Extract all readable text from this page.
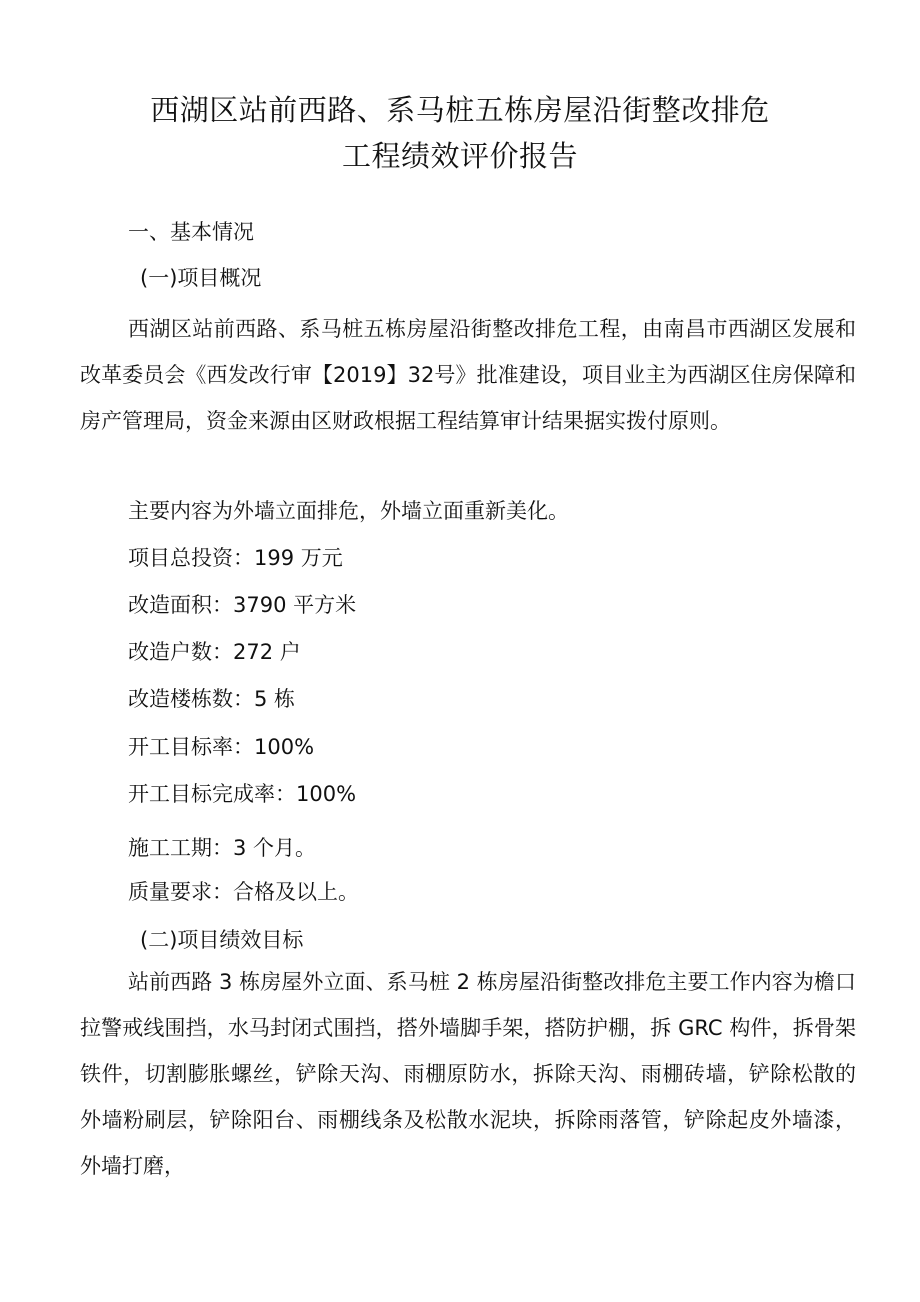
西湖区站前西路、系马桩五栋房屋沿街整改排危
工程绩效评价报告
一、基本情况
(一)项目概况
西湖区站前西路、系马桩五栋房屋沿街整改排危工程，由南昌市西湖区发展和改革委员会《西发改行审【2019】32号》批准建设，项目业主为西湖区住房保障和房产管理局，资金来源由区财政根据工程结算审计结果据实拨付原则。
主要内容为外墙立面排危，外墙立面重新美化。
项目总投资：199 万元
改造面积：3790 平方米
改造户数：272 户
改造楼栋数：5 栋
开工目标率：100%
开工目标完成率：100%
施工工期：3 个月。
质量要求：合格及以上。
(二)项目绩效目标
站前西路 3 栋房屋外立面、系马桩 2 栋房屋沿街整改排危主要工作内容为檐口拉警戒线围挡，水马封闭式围挡，搭外墙脚手架，搭防护棚，拆 GRC 构件，拆骨架铁件，切割膨胀螺丝，铲除天沟、雨棚原防水，拆除天沟、雨棚砖墙，铲除松散的外墙粉刷层，铲除阳台、雨棚线条及松散水泥块，拆除雨落管，铲除起皮外墙漆，外墙打磨，
